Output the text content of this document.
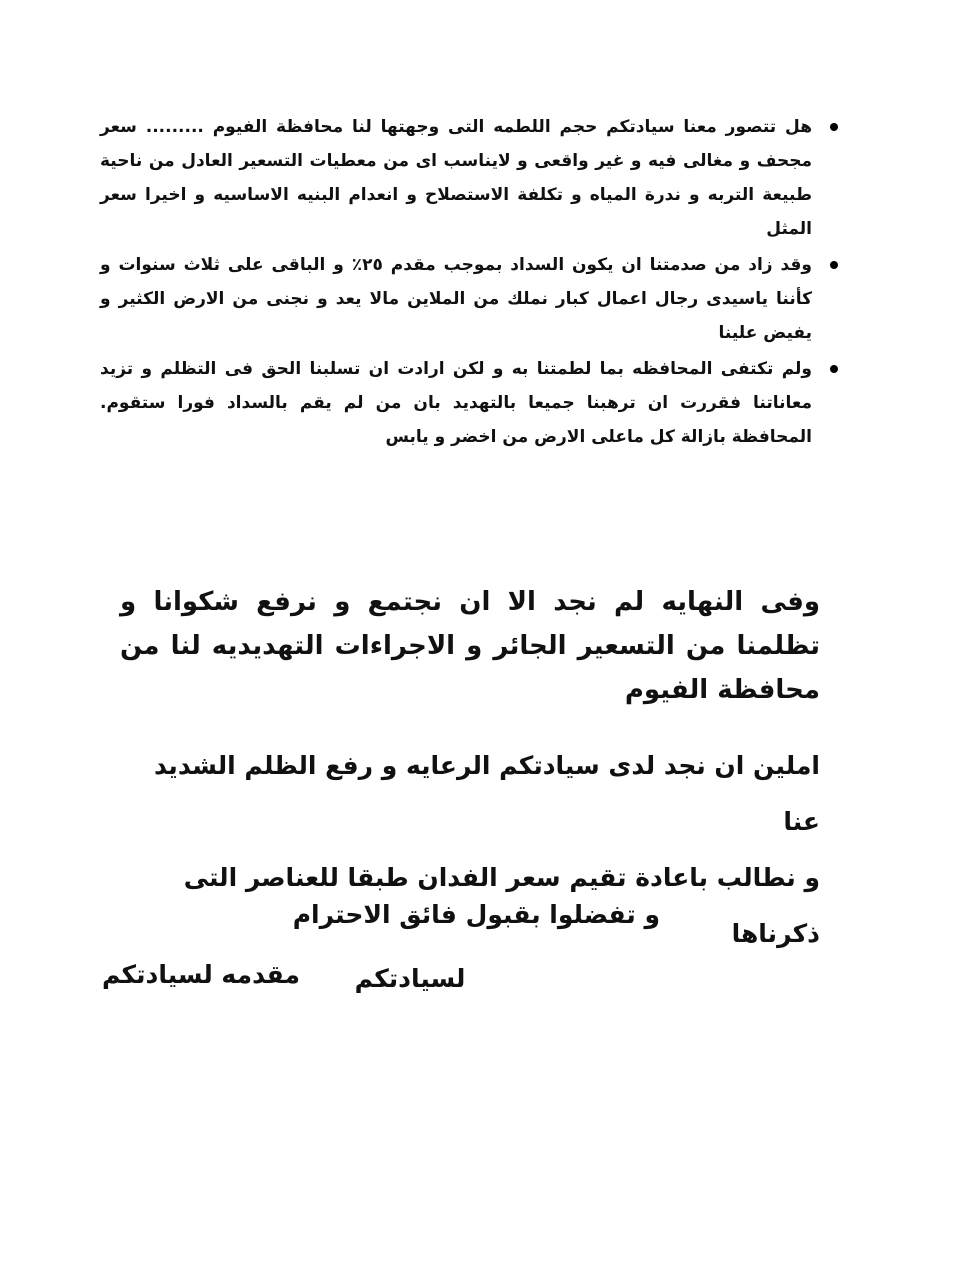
هل تتصور معنا سيادتكم حجم اللطمه التى وجهتها لنا محافظة الفيوم ......... سعر مجحف و مغالى فيه و غير واقعى و لايناسب اى من معطيات التسعير العادل من ناحية طبيعة التربه و ندرة المياه و تكلفة الاستصلاح و انعدام البنيه الاساسيه و اخيرا سعر المثل
وقد زاد من صدمتنا ان يكون السداد بموجب مقدم ٢٥٪ و الباقى على ثلاث سنوات و كأننا ياسيدى رجال اعمال كبار نملك من الملاين مالا يعد و نجنى من الارض الكثير و يفيض علينا
ولم تكتفى المحافظه بما لطمتنا به و لكن ارادت ان تسلبنا الحق فى التظلم و تزيد معاناتنا فقررت ان ترهبنا جميعا بالتهديد بان من لم يقم بالسداد فورا ستقوم. المحافظة بازالة كل ماعلى الارض من اخضر و يابس
وفى النهايه لم نجد الا ان نجتمع و نرفع شكوانا و تظلمنا من التسعير الجائر و الاجراءات التهديديه لنا من محافظة الفيوم

املين ان نجد لدى سيادتكم الرعايه و رفع الظلم الشديد عنا

و نطالب باعادة تقيم سعر الفدان طبقا للعناصر التى ذكرناها

لسيادتكم

و تفضلوا بقبول فائق الاحترام
مقدمه لسيادتكم
